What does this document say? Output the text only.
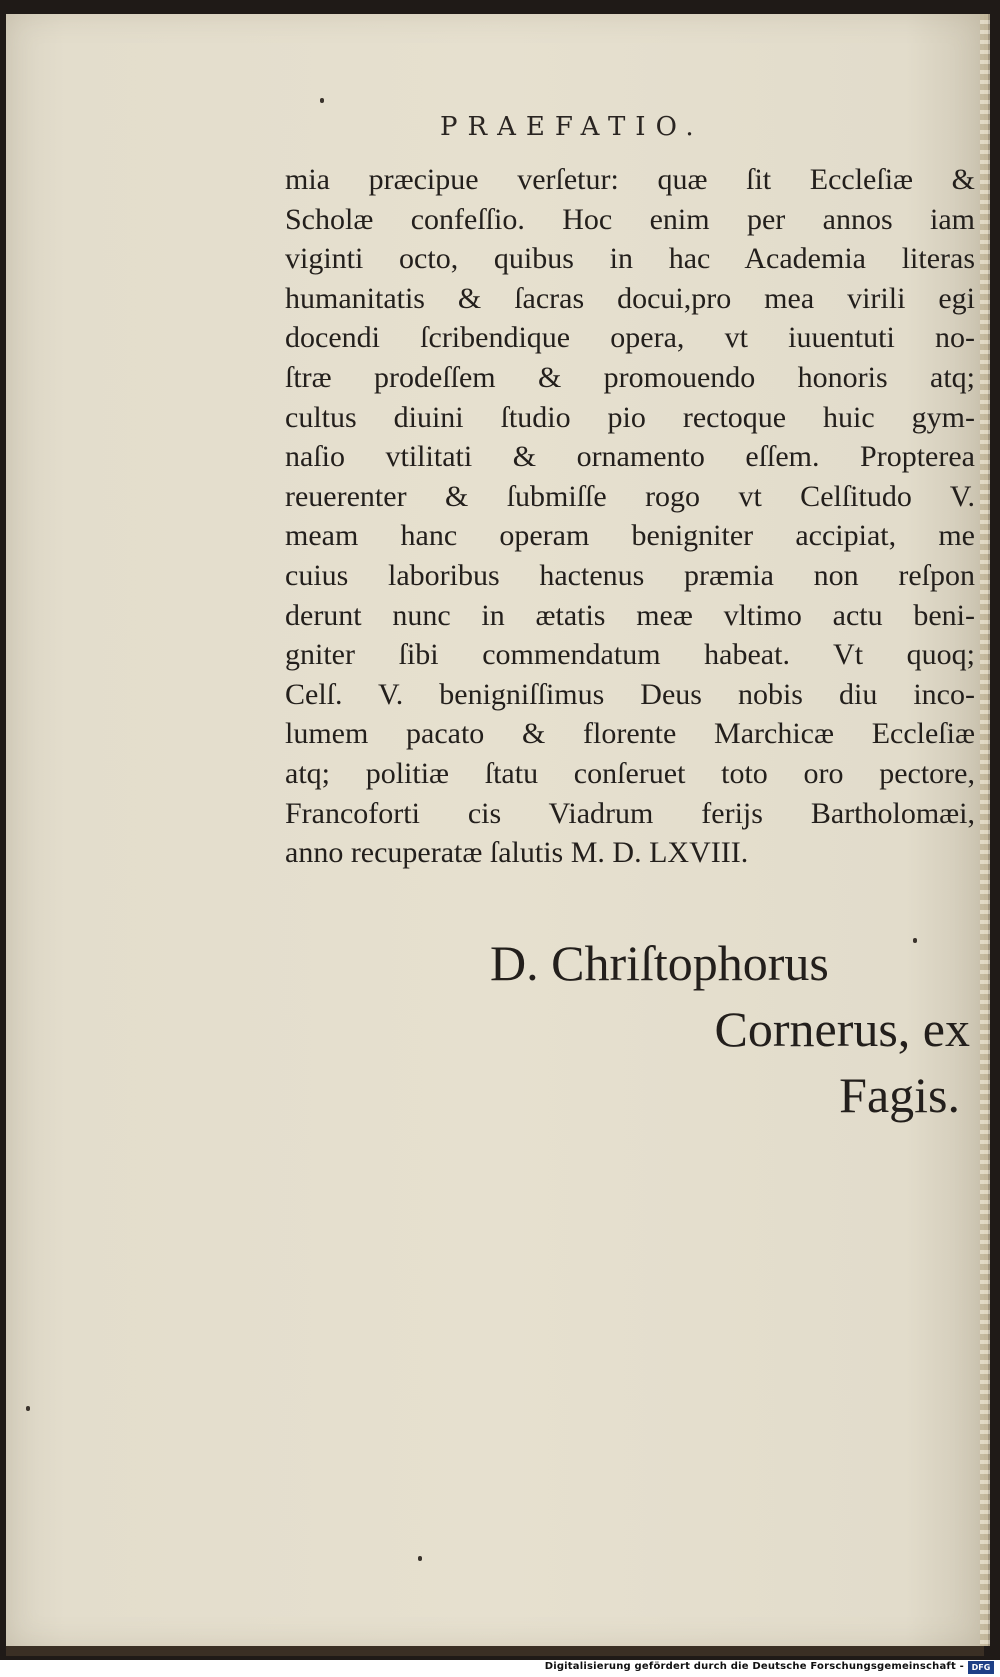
PRAEFATIO.
mia præcipue verſetur: quæ ſit Eccleſiæ &
Scholæ confeſſio. Hoc enim per annos iam
viginti octo, quibus in hac Academia literas
humanitatis & ſacras docui,pro mea virili egi
docendi ſcribendique opera, vt iuuentuti no-
ſtræ prodeſſem & promouendo honoris atq;
cultus diuini ſtudio pio rectoque huic gym-
naſio vtilitati & ornamento eſſem. Propterea
reuerenter & ſubmiſſe rogo vt Celſitudo V.
meam hanc operam benigniter accipiat, me
cuius laboribus hactenus præmia non reſpon
derunt nunc in ætatis meæ vltimo actu beni-
gniter ſibi commendatum habeat. Vt quoq;
Celſ. V. benigniſſimus Deus nobis diu inco-
lumem pacato & florente Marchicæ Eccleſiæ
atq; politiæ ſtatu conſeruet toto oro pectore,
Francoforti cis Viadrum ferijs Bartholomæi,
anno recuperatæ ſalutis M. D. LXVIII.
D. Chriſtophorus
Cornerus, ex
Fagis.
Digitalisierung gefördert durch die Deutsche Forschungsgemeinschaft - DFG
